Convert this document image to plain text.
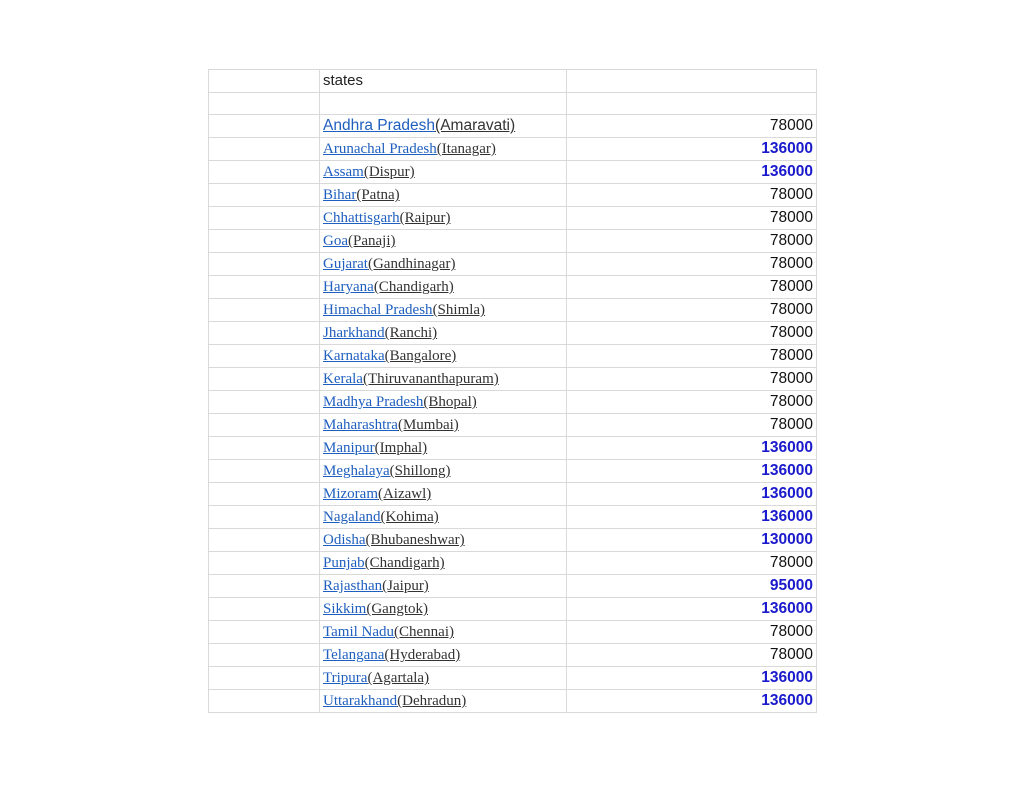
	states	

	Andhra Pradesh(Amaravati)	78000
	Arunachal Pradesh(Itanagar)	136000
	Assam(Dispur)	136000
	Bihar(Patna)	78000
	Chhattisgarh(Raipur)	78000
	Goa(Panaji)	78000
	Gujarat(Gandhinagar)	78000
	Haryana(Chandigarh)	78000
	Himachal Pradesh(Shimla)	78000
	Jharkhand(Ranchi)	78000
	Karnataka(Bangalore)	78000
	Kerala(Thiruvananthapuram)	78000
	Madhya Pradesh(Bhopal)	78000
	Maharashtra(Mumbai)	78000
	Manipur(Imphal)	136000
	Meghalaya(Shillong)	136000
	Mizoram(Aizawl)	136000
	Nagaland(Kohima)	136000
	Odisha(Bhubaneshwar)	130000
	Punjab(Chandigarh)	78000
	Rajasthan(Jaipur)	95000
	Sikkim(Gangtok)	136000
	Tamil Nadu(Chennai)	78000
	Telangana(Hyderabad)	78000
	Tripura(Agartala)	136000
	Uttarakhand(Dehradun)	136000
